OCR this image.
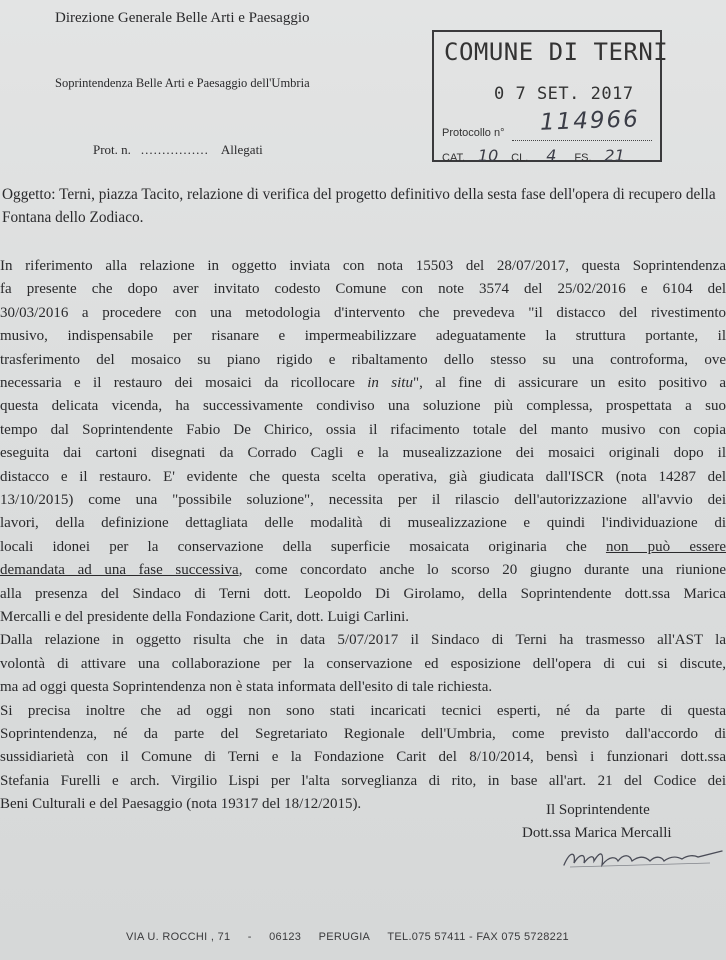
Direzione Generale Belle Arti e Paesaggio
Soprintendenza Belle Arti e Paesaggio dell'Umbria
Prot. n. ................ Allegati
COMUNE DI TERNI
0 7 SET. 2017
Protocollo n° 114966
CAT. 10 CL. 4 FS. 21
Oggetto: Terni, piazza Tacito, relazione di verifica del progetto definitivo della sesta fase dell'opera di recupero della Fontana dello Zodiaco.
In riferimento alla relazione in oggetto inviata con nota 15503 del 28/07/2017, questa Soprintendenza
fa presente che dopo aver invitato codesto Comune con note 3574 del 25/02/2016 e 6104 del
30/03/2016 a procedere con una metodologia d'intervento che prevedeva "il distacco del rivestimento
musivo, indispensabile per risanare e impermeabilizzare adeguatamente la struttura portante, il
trasferimento del mosaico su piano rigido e ribaltamento dello stesso su una controforma, ove
necessaria e il restauro dei mosaici da ricollocare in situ", al fine di assicurare un esito positivo a
questa delicata vicenda, ha successivamente condiviso una soluzione più complessa, prospettata a suo
tempo dal Soprintendente Fabio De Chirico, ossia il rifacimento totale del manto musivo con copia
eseguita dai cartoni disegnati da Corrado Cagli e la musealizzazione dei mosaici originali dopo il
distacco e il restauro. E' evidente che questa scelta operativa, già giudicata dall'ISCR (nota 14287 del
13/10/2015) come una "possibile soluzione", necessita per il rilascio dell'autorizzazione all'avvio dei
lavori, della definizione dettagliata delle modalità di musealizzazione e quindi l'individuazione di
locali idonei per la conservazione della superficie mosaicata originaria che non può essere
demandata ad una fase successiva, come concordato anche lo scorso 20 giugno durante una riunione
alla presenza del Sindaco di Terni dott. Leopoldo Di Girolamo, della Soprintendente dott.ssa Marica
Mercalli e del presidente della Fondazione Carit, dott. Luigi Carlini.
Dalla relazione in oggetto risulta che in data 5/07/2017 il Sindaco di Terni ha trasmesso all'AST la
volontà di attivare una collaborazione per la conservazione ed esposizione dell'opera di cui si discute,
ma ad oggi questa Soprintendenza non è stata informata dell'esito di tale richiesta.
Si precisa inoltre che ad oggi non sono stati incaricati tecnici esperti, né da parte di questa
Soprintendenza, né da parte del Segretariato Regionale dell'Umbria, come previsto dall'accordo di
sussidiarietà con il Comune di Terni e la Fondazione Carit del 8/10/2014, bensì i funzionari dott.ssa
Stefania Furelli e arch. Virgilio Lispi per l'alta sorveglianza di rito, in base all'art. 21 del Codice dei
Beni Culturali e del Paesaggio (nota 19317 del 18/12/2015).	Il Soprintendente
Dott.ssa Marica Mercalli
VIA U. ROCCHI , 71 - 06123 PERUGIA TEL.075 57411 - FAX 075 5728221
